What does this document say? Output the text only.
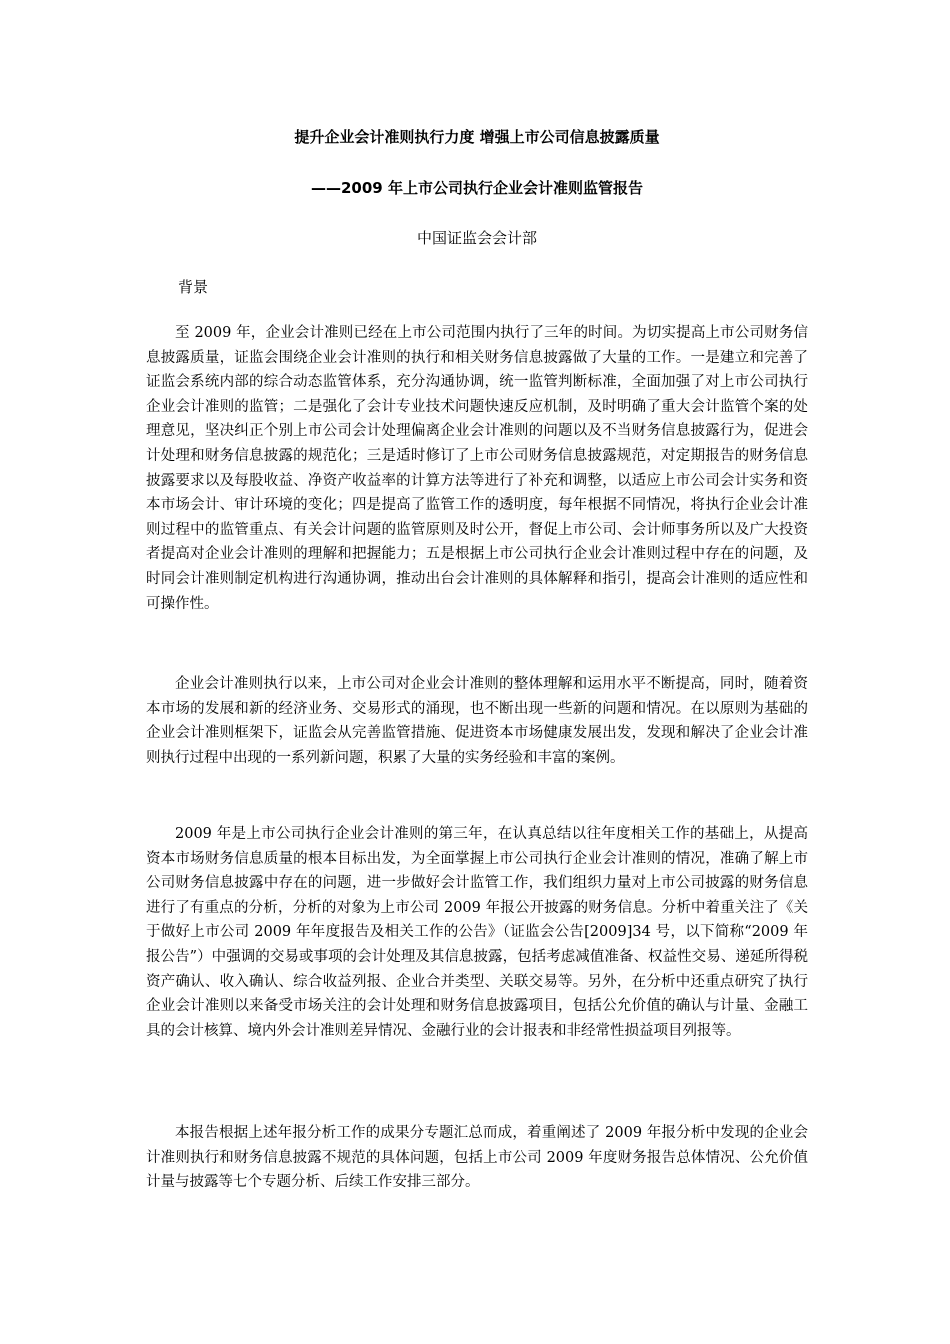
提升企业会计准则执行力度 增强上市公司信息披露质量
——2009 年上市公司执行企业会计准则监管报告
中国证监会会计部
背景

至 2009 年，企业会计准则已经在上市公司范围内执行了三年的时间。为切实提高上市公司财务信息披露质量，证监会围绕企业会计准则的执行和相关财务信息披露做了大量的工作。一是建立和完善了证监会系统内部的综合动态监管体系，充分沟通协调，统一监管判断标准，全面加强了对上市公司执行企业会计准则的监管；二是强化了会计专业技术问题快速反应机制，及时明确了重大会计监管个案的处理意见，坚决纠正个别上市公司会计处理偏离企业会计准则的问题以及不当财务信息披露行为，促进会计处理和财务信息披露的规范化；三是适时修订了上市公司财务信息披露规范，对定期报告的财务信息披露要求以及每股收益、净资产收益率的计算方法等进行了补充和调整，以适应上市公司会计实务和资本市场会计、审计环境的变化；四是提高了监管工作的透明度，每年根据不同情况，将执行企业会计准则过程中的监管重点、有关会计问题的监管原则及时公开，督促上市公司、会计师事务所以及广大投资者提高对企业会计准则的理解和把握能力；五是根据上市公司执行企业会计准则过程中存在的问题，及时同会计准则制定机构进行沟通协调，推动出台会计准则的具体解释和指引，提高会计准则的适应性和可操作性。

企业会计准则执行以来，上市公司对企业会计准则的整体理解和运用水平不断提高，同时，随着资本市场的发展和新的经济业务、交易形式的涌现，也不断出现一些新的问题和情况。在以原则为基础的企业会计准则框架下，证监会从完善监管措施、促进资本市场健康发展出发，发现和解决了企业会计准则执行过程中出现的一系列新问题，积累了大量的实务经验和丰富的案例。

2009 年是上市公司执行企业会计准则的第三年，在认真总结以往年度相关工作的基础上，从提高资本市场财务信息质量的根本目标出发，为全面掌握上市公司执行企业会计准则的情况，准确了解上市公司财务信息披露中存在的问题，进一步做好会计监管工作，我们组织力量对上市公司披露的财务信息进行了有重点的分析，分析的对象为上市公司 2009 年报公开披露的财务信息。分析中着重关注了《关于做好上市公司 2009 年年度报告及相关工作的公告》（证监会公告[2009]34 号，以下简称“2009 年报公告”）中强调的交易或事项的会计处理及其信息披露，包括考虑减值准备、权益性交易、递延所得税资产确认、收入确认、综合收益列报、企业合并类型、关联交易等。另外，在分析中还重点研究了执行企业会计准则以来备受市场关注的会计处理和财务信息披露项目，包括公允价值的确认与计量、金融工具的会计核算、境内外会计准则差异情况、金融行业的会计报表和非经常性损益项目列报等。

本报告根据上述年报分析工作的成果分专题汇总而成，着重阐述了 2009 年报分析中发现的企业会计准则执行和财务信息披露不规范的具体问题，包括上市公司 2009 年度财务报告总体情况、公允价值计量与披露等七个专题分析、后续工作安排三部分。
